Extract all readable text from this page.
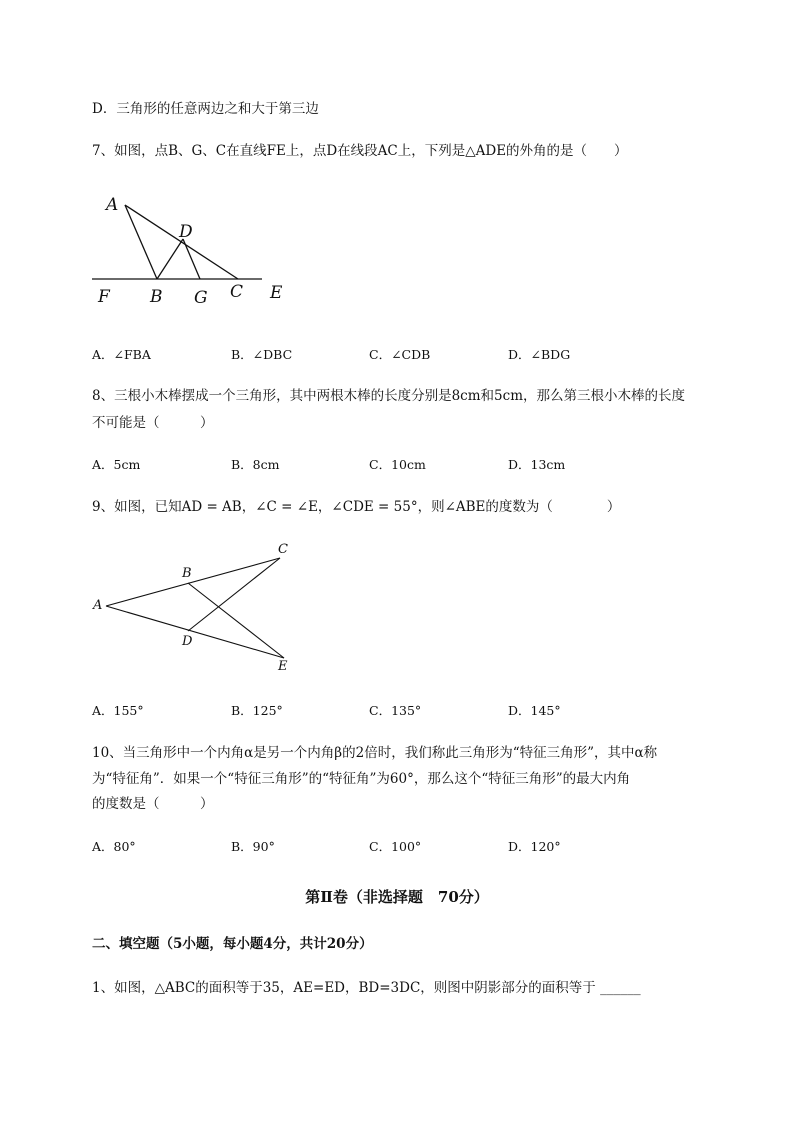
D．三角形的任意两边之和大于第三边
7、如图，点B、G、C在直线FE上，点D在线段AC上，下列是△ADE的外角的是（　　）
A
D
F B G C E
A．∠FBA	B．∠DBC	C．∠CDB	D．∠BDG
8、三根小木棒摆成一个三角形，其中两根木棒的长度分别是8cm和5cm，那么第三根小木棒的长度
不可能是（　　　）
A．5cm	B．8cm	C．10cm	D．13cm
9、如图，已知AD = AB，∠C = ∠E，∠CDE = 55°，则∠ABE的度数为（　　　　）
A
B
C
D
E
A．155°	B．125°	C．135°	D．145°
10、当三角形中一个内角α是另一个内角β的2倍时，我们称此三角形为“特征三角形”，其中α称
为“特征角”．如果一个“特征三角形”的“特征角”为60°，那么这个“特征三角形”的最大内角
的度数是（　　　）
A．80°	B．90°	C．100°	D．120°
第Ⅱ卷（非选择题　70分）
二、填空题（5小题，每小题4分，共计20分）
1、如图，△ABC的面积等于35，AE=ED，BD=3DC，则图中阴影部分的面积等于 ______
